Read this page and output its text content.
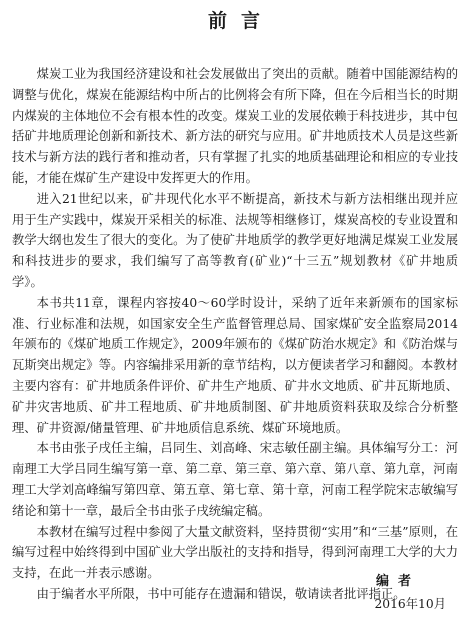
前言

煤炭工业为我国经济建设和社会发展做出了突出的贡献。随着中国能源结构的调整与优化，煤炭在能源结构中所占的比例将会有所下降，但在今后相当长的时期内煤炭的主体地位不会有根本性的改变。煤炭工业的发展依赖于科技进步，其中包括矿井地质理论创新和新技术、新方法的研究与应用。矿井地质技术人员是这些新技术与新方法的践行者和推动者，只有掌握了扎实的地质基础理论和相应的专业技能，才能在煤矿生产建设中发挥更大的作用。

进入21世纪以来，矿井现代化水平不断提高，新技术与新方法相继出现并应用于生产实践中，煤炭开采相关的标准、法规等相继修订，煤炭高校的专业设置和教学大纲也发生了很大的变化。为了使矿井地质学的教学更好地满足煤炭工业发展和科技进步的要求，我们编写了高等教育(矿业)“十三五”规划教材《矿井地质学》。

本书共11章，课程内容按40～60学时设计，采纳了近年来新颁布的国家标准、行业标准和法规，如国家安全生产监督管理总局、国家煤矿安全监察局2014年颁布的《煤矿地质工作规定》，2009年颁布的《煤矿防治水规定》和《防治煤与瓦斯突出规定》等。内容编排采用新的章节结构，以方便读者学习和翻阅。本教材主要内容有：矿井地质条件评价、矿井生产地质、矿井水文地质、矿井瓦斯地质、矿井灾害地质、矿井工程地质、矿井地质制图、矿井地质资料获取及综合分析整理、矿井资源/储量管理、矿井地质信息系统、煤矿环境地质。

本书由张子戌任主编，吕同生、刘高峰、宋志敏任副主编。具体编写分工：河南理工大学吕同生编写第一章、第二章、第三章、第六章、第八章、第九章，河南理工大学刘高峰编写第四章、第五章、第七章、第十章，河南工程学院宋志敏编写绪论和第十一章，最后全书由张子戌统编定稿。

本教材在编写过程中参阅了大量文献资料，坚持贯彻“实用”和“三基”原则，在编写过程中始终得到中国矿业大学出版社的支持和指导，得到河南理工大学的大力支持，在此一并表示感谢。

由于编者水平所限，书中可能存在遗漏和错误，敬请读者批评指正。

编者
2016年10月
